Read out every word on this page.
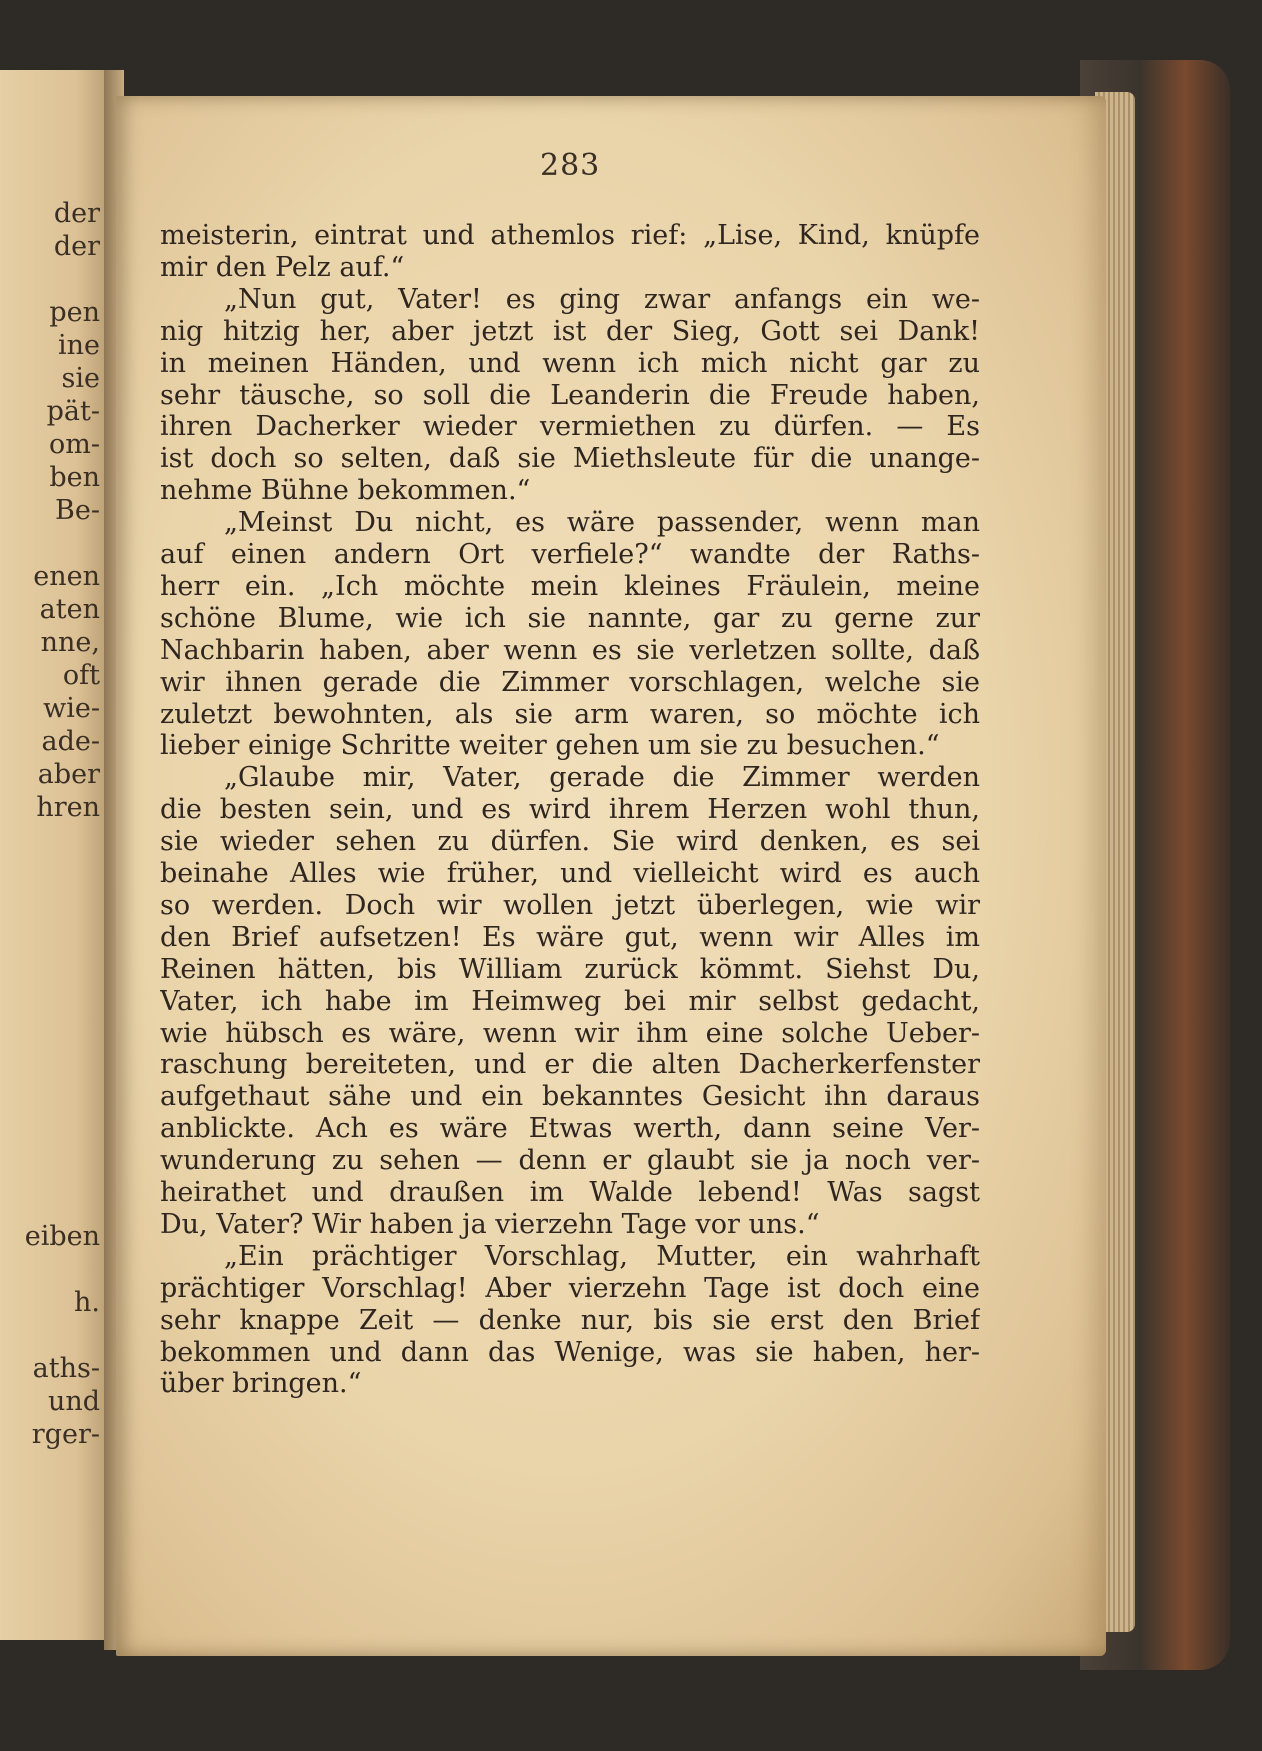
der
der
pen
ine
sie
pät-
om-
ben
Be-
enen
aten
nne,
oft
wie-
ade-
aber
hren
eiben
h.
aths-
und
rger-
283
meisterin, eintrat und athemlos rief: „Lise, Kind, knüpfe
mir den Pelz auf.“
„Nun gut, Vater! es ging zwar anfangs ein we-
nig hitzig her, aber jetzt ist der Sieg, Gott sei Dank!
in meinen Händen, und wenn ich mich nicht gar zu
sehr täusche, so soll die Leanderin die Freude haben,
ihren Dacherker wieder vermiethen zu dürfen. — Es
ist doch so selten, daß sie Miethsleute für die unange-
nehme Bühne bekommen.“
„Meinst Du nicht, es wäre passender, wenn man
auf einen andern Ort verfiele?“ wandte der Raths-
herr ein. „Ich möchte mein kleines Fräulein, meine
schöne Blume, wie ich sie nannte, gar zu gerne zur
Nachbarin haben, aber wenn es sie verletzen sollte, daß
wir ihnen gerade die Zimmer vorschlagen, welche sie
zuletzt bewohnten, als sie arm waren, so möchte ich
lieber einige Schritte weiter gehen um sie zu besuchen.“
„Glaube mir, Vater, gerade die Zimmer werden
die besten sein, und es wird ihrem Herzen wohl thun,
sie wieder sehen zu dürfen. Sie wird denken, es sei
beinahe Alles wie früher, und vielleicht wird es auch
so werden. Doch wir wollen jetzt überlegen, wie wir
den Brief aufsetzen! Es wäre gut, wenn wir Alles im
Reinen hätten, bis William zurück kömmt. Siehst Du,
Vater, ich habe im Heimweg bei mir selbst gedacht,
wie hübsch es wäre, wenn wir ihm eine solche Ueber-
raschung bereiteten, und er die alten Dacherkerfenster
aufgethaut sähe und ein bekanntes Gesicht ihn daraus
anblickte. Ach es wäre Etwas werth, dann seine Ver-
wunderung zu sehen — denn er glaubt sie ja noch ver-
heirathet und draußen im Walde lebend! Was sagst
Du, Vater? Wir haben ja vierzehn Tage vor uns.“
„Ein prächtiger Vorschlag, Mutter, ein wahrhaft
prächtiger Vorschlag! Aber vierzehn Tage ist doch eine
sehr knappe Zeit — denke nur, bis sie erst den Brief
bekommen und dann das Wenige, was sie haben, her-
über bringen.“
